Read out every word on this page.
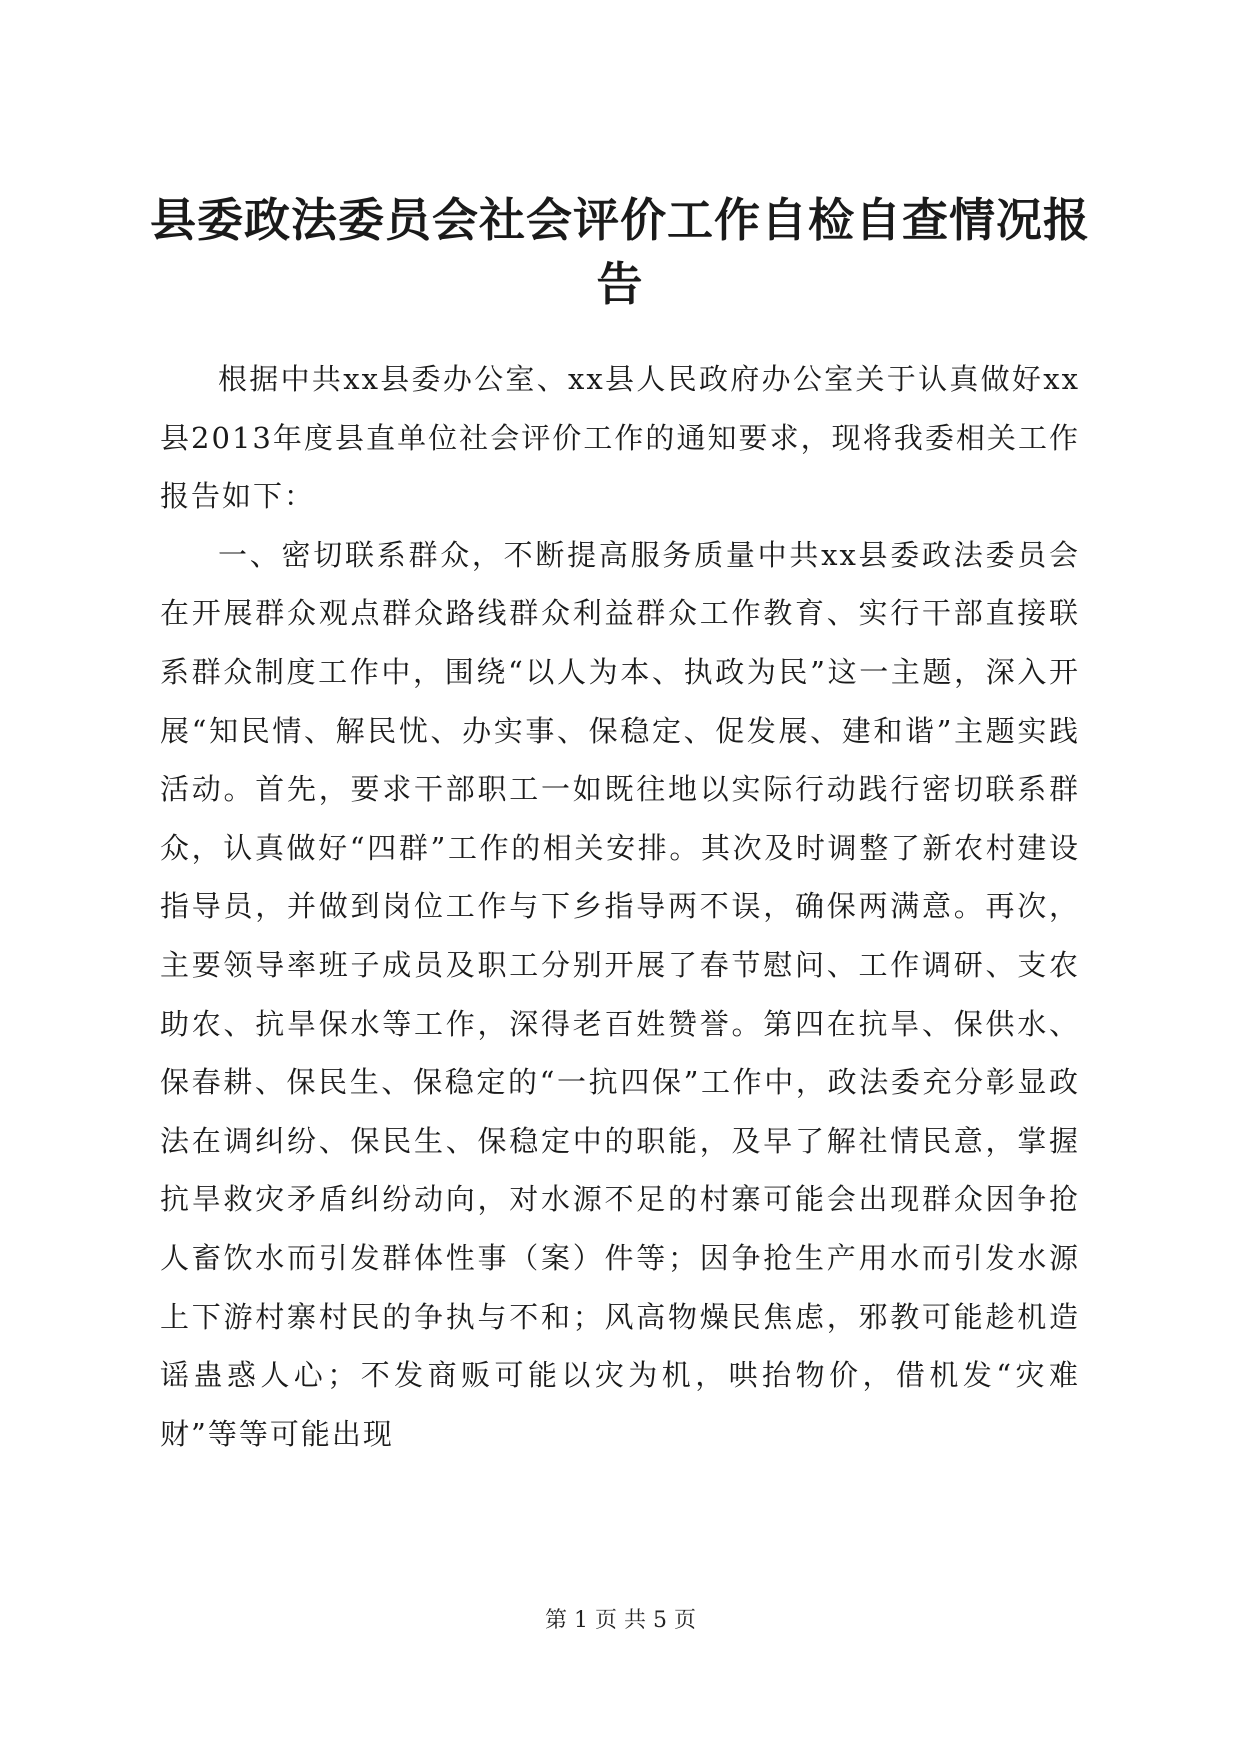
县委政法委员会社会评价工作自检自查情况报告

根据中共xx县委办公室、xx县人民政府办公室关于认真做好xx县2013年度县直单位社会评价工作的通知要求，现将我委相关工作报告如下：

一、密切联系群众，不断提高服务质量中共xx县委政法委员会在开展群众观点群众路线群众利益群众工作教育、实行干部直接联系群众制度工作中，围绕“以人为本、执政为民”这一主题，深入开展“知民情、解民忧、办实事、保稳定、促发展、建和谐”主题实践活动。首先，要求干部职工一如既往地以实际行动践行密切联系群众，认真做好“四群”工作的相关安排。其次及时调整了新农村建设指导员，并做到岗位工作与下乡指导两不误，确保两满意。再次，主要领导率班子成员及职工分别开展了春节慰问、工作调研、支农助农、抗旱保水等工作，深得老百姓赞誉。第四在抗旱、保供水、保春耕、保民生、保稳定的“一抗四保”工作中，政法委充分彰显政法在调纠纷、保民生、保稳定中的职能，及早了解社情民意，掌握抗旱救灾矛盾纠纷动向，对水源不足的村寨可能会出现群众因争抢人畜饮水而引发群体性事（案）件等；因争抢生产用水而引发水源上下游村寨村民的争执与不和；风高物燥民焦虑，邪教可能趁机造谣蛊惑人心；不发商贩可能以灾为机，哄抬物价，借机发“灾难财”等等可能出现

第 1 页 共 5 页
